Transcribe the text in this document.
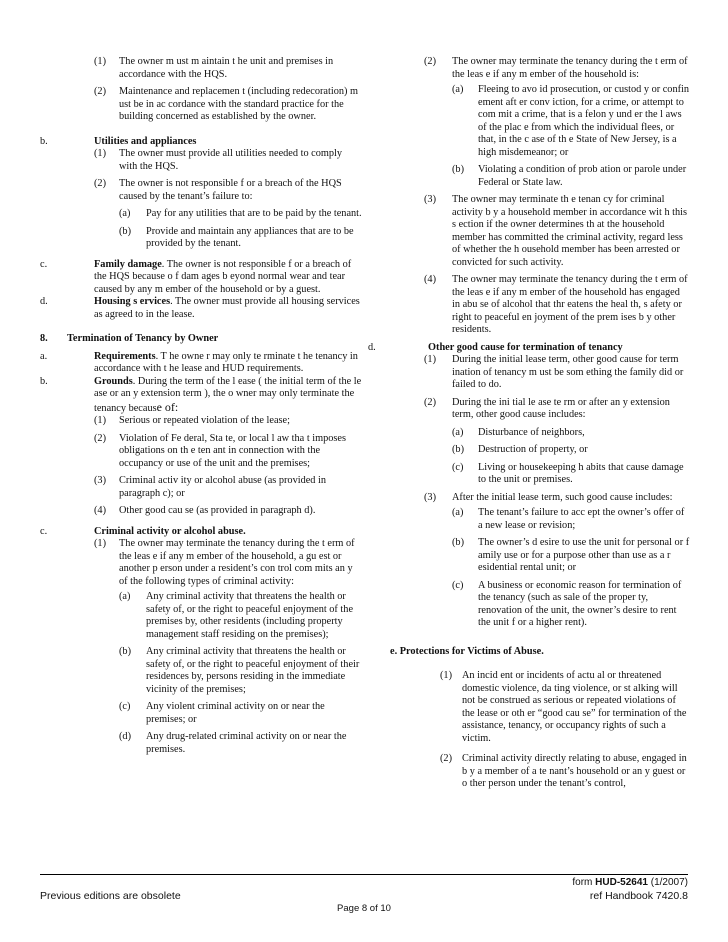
(1)	The owner m ust m aintain t he unit and premises in accordance with the HQS.
(2)	Maintenance and replacemen t (including redecoration) m ust be in ac cordance with the standard practice for the building concerned as established by the owner.
b.	Utilities and appliances
(1)	The owner must provide all utilities needed to comply with the HQS.
(2)	The owner is not responsible f or a breach of the HQS caused by the tenant’s failure to:
(a)	Pay for any utilities that are to be paid by the tenant.
(b)	Provide and maintain any appliances that are to be provided by the tenant.
c.	Family damage. The owner is not responsible f or a breach of the HQS because o f dam ages b eyond normal wear and tear caused by any m ember of the household or by a guest.
d.	Housing s ervices. The owner must provide all housing services as agreed to in the lease.
8.	Termination of Tenancy by Owner
a.	Requirements. T he owne r may only te rminate t he tenancy in accordance with t he lease and HUD requirements.
b.	Grounds. During the term of the l ease ( the initial term of the le ase or an y extension term ), the o wner may only terminate the tenancy because of:
(1)	Serious or repeated violation of the lease;
(2)	Violation of Fe deral, Sta te, or local l aw tha t imposes obligations on th e ten ant in connection with the occupancy or use of the unit and the premises;
(3)	Criminal activ ity or alcohol abuse (as provided in paragraph c); or
(4)	Other good cau se (as provided in paragraph d).
c.	Criminal activity or alcohol abuse.
(1)	The owner may terminate the tenancy during the t erm of the leas e if any m ember of the household, a gu est or another p erson under a resident’s con trol com mits an y of the following types of criminal activity:
(a)	Any criminal activity that threatens the health or safety of, or the right to peaceful enjoyment of the premises by, other residents (including property management staff residing on the premises);
(b)	Any criminal activity that threatens the health or safety of, or the right to peaceful enjoyment of their residences by, persons residing in the immediate vicinity of the premises;
(c)	Any violent criminal activity on or near the premises; or
(d)	Any drug-related criminal activity on or near the premises.
(2)	The owner may terminate the tenancy during the t erm of the leas e if any m ember of the household is:
(a)	Fleeing to avo id prosecution, or custod y or confin ement aft er conv iction, for a crime, or attempt to com mit a crime, that is a felon y und er the l aws of the plac e from which the individual flees, or that, in the c ase of th e State of New Jersey, is a high misdemeanor; or
(b)	Violating a condition of prob ation or parole under Federal or State law.
(3)	The owner may terminate th e tenan cy for criminal activity b y a household member in accordance wit h this s ection if the owner determines th at the household member has committed the criminal activity, regard less of whether the h ousehold member has been arrested or convicted for such activity.
(4)	The owner may terminate the tenancy during the t erm of the leas e if any m ember of the household has engaged in abu se of alcohol that thr eatens the heal th, s afety or right to peaceful en joyment of the prem ises b y other residents.
d.	Other good cause for termination of tenancy
(1)	During the initial lease term, other good cause for term ination of tenancy m ust be som ething the family did or failed to do.
(2)	During the ini tial le ase te rm or after an y extension term, other good cause includes:
(a)	Disturbance of neighbors,
(b)	Destruction of property, or
(c)	Living or housekeeping h abits that cause damage to the unit or premises.
(3)	After the initial lease term, such good cause includes:
(a)	The tenant’s failure to acc ept the owner’s offer of a new lease or revision;
(b)	The owner’s d esire to use the unit for personal or f amily use or for a purpose other than use as a r esidential rental unit; or
(c)	A business or economic reason for termination of the tenancy (such as sale of the proper ty, renovation of the unit, the owner’s desire to rent the unit f or a higher rent).
e. Protections for Victims of Abuse.
(1) An incid ent or incidents of actu al or threatened domestic violence, da ting violence, or st alking will not be construed as serious or repeated violations of the lease or oth er “good cau se” for termination of the assistance, tenancy, or occupancy rights of such a victim.
(2) Criminal activity directly relating to abuse, engaged in b y a member of a te nant’s household or an y guest or o ther person under the tenant’s control,
form HUD-52641 (1/2007)
Previous editions are obsolete	ref Handbook 7420.8
Page 8 of 10
